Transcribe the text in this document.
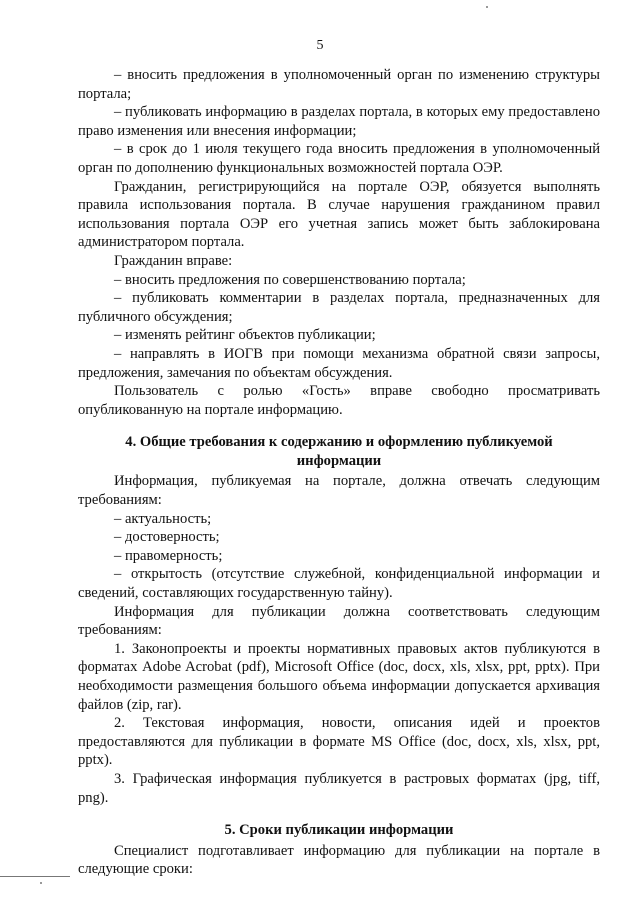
5

– вносить предложения в уполномоченный орган по изменению структуры портала;

– публиковать информацию в разделах портала, в которых ему предоставлено право изменения или внесения информации;

– в срок до 1 июля текущего года вносить предложения в уполномоченный орган по дополнению функциональных возможностей портала ОЭР.

Гражданин, регистрирующийся на портале ОЭР, обязуется выполнять правила использования портала. В случае нарушения гражданином правил использования портала ОЭР его учетная запись может быть заблокирована администратором портала.

Гражданин вправе:

– вносить предложения по совершенствованию портала;

– публиковать комментарии в разделах портала, предназначенных для публичного обсуждения;

– изменять рейтинг объектов публикации;

– направлять в ИОГВ при помощи механизма обратной связи запросы, предложения, замечания по объектам обсуждения.

Пользователь с ролью «Гость» вправе свободно просматривать опубликованную на портале информацию.

4. Общие требования к содержанию и оформлению публикуемой
информации

Информация, публикуемая на портале, должна отвечать следующим требованиям:

– актуальность;

– достоверность;

– правомерность;

– открытость (отсутствие служебной, конфиденциальной информации и сведений, составляющих государственную тайну).

Информация для публикации должна соответствовать следующим требованиям:

1. Законопроекты и проекты нормативных правовых актов публикуются в форматах Adobe Acrobat (pdf), Microsoft Office (doc, docx, xls, xlsx, ppt, pptx). При необходимости размещения большого объема информации допускается архивация файлов (zip, rar).

2. Текстовая информация, новости, описания идей и проектов предоставляются для публикации в формате MS Office (doc, docx, xls, xlsx, ppt, pptx).

3. Графическая информация публикуется в растровых форматах (jpg, tiff, png).

5. Сроки публикации информации

Специалист подготавливает информацию для публикации на портале в следующие сроки:
